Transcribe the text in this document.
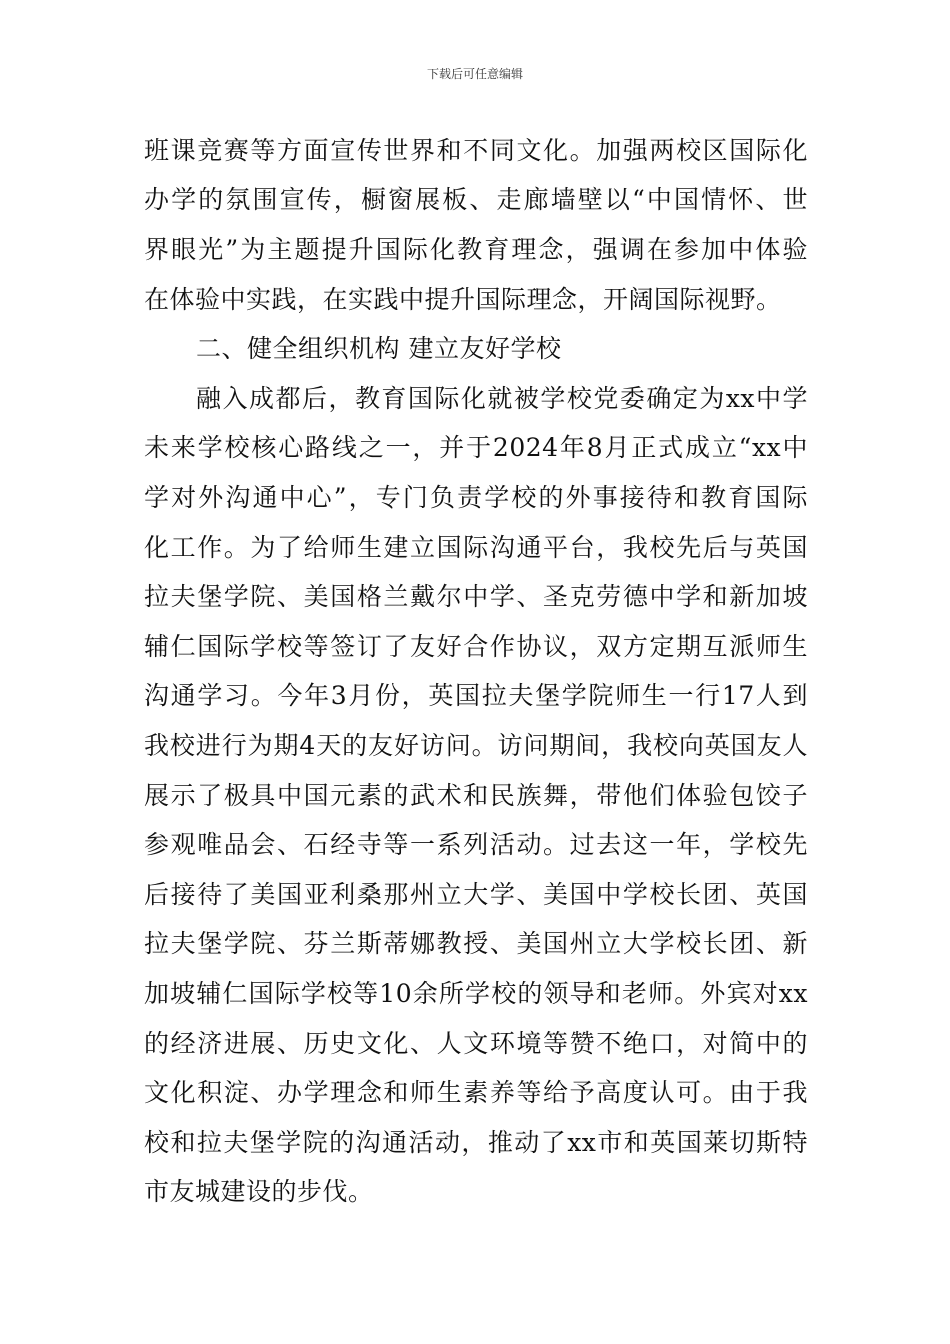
下载后可任意编辑
班课竞赛等方面宣传世界和不同文化。加强两校区国际化
办学的氛围宣传，橱窗展板、走廊墙壁以“中国情怀、世
界眼光”为主题提升国际化教育理念，强调在参加中体验
在体验中实践，在实践中提升国际理念，开阔国际视野。
二、健全组织机构 建立友好学校
融入成都后，教育国际化就被学校党委确定为xx中学
未来学校核心路线之一，并于2024年8月正式成立“xx中
学对外沟通中心”，专门负责学校的外事接待和教育国际
化工作。为了给师生建立国际沟通平台，我校先后与英国
拉夫堡学院、美国格兰戴尔中学、圣克劳德中学和新加坡
辅仁国际学校等签订了友好合作协议，双方定期互派师生
沟通学习。今年3月份，英国拉夫堡学院师生一行17人到
我校进行为期4天的友好访问。访问期间，我校向英国友人
展示了极具中国元素的武术和民族舞，带他们体验包饺子
参观唯品会、石经寺等一系列活动。过去这一年，学校先
后接待了美国亚利桑那州立大学、美国中学校长团、英国
拉夫堡学院、芬兰斯蒂娜教授、美国州立大学校长团、新
加坡辅仁国际学校等10余所学校的领导和老师。外宾对xx
的经济进展、历史文化、人文环境等赞不绝口，对简中的
文化积淀、办学理念和师生素养等给予高度认可。由于我
校和拉夫堡学院的沟通活动，推动了xx市和英国莱切斯特
市友城建设的步伐。
